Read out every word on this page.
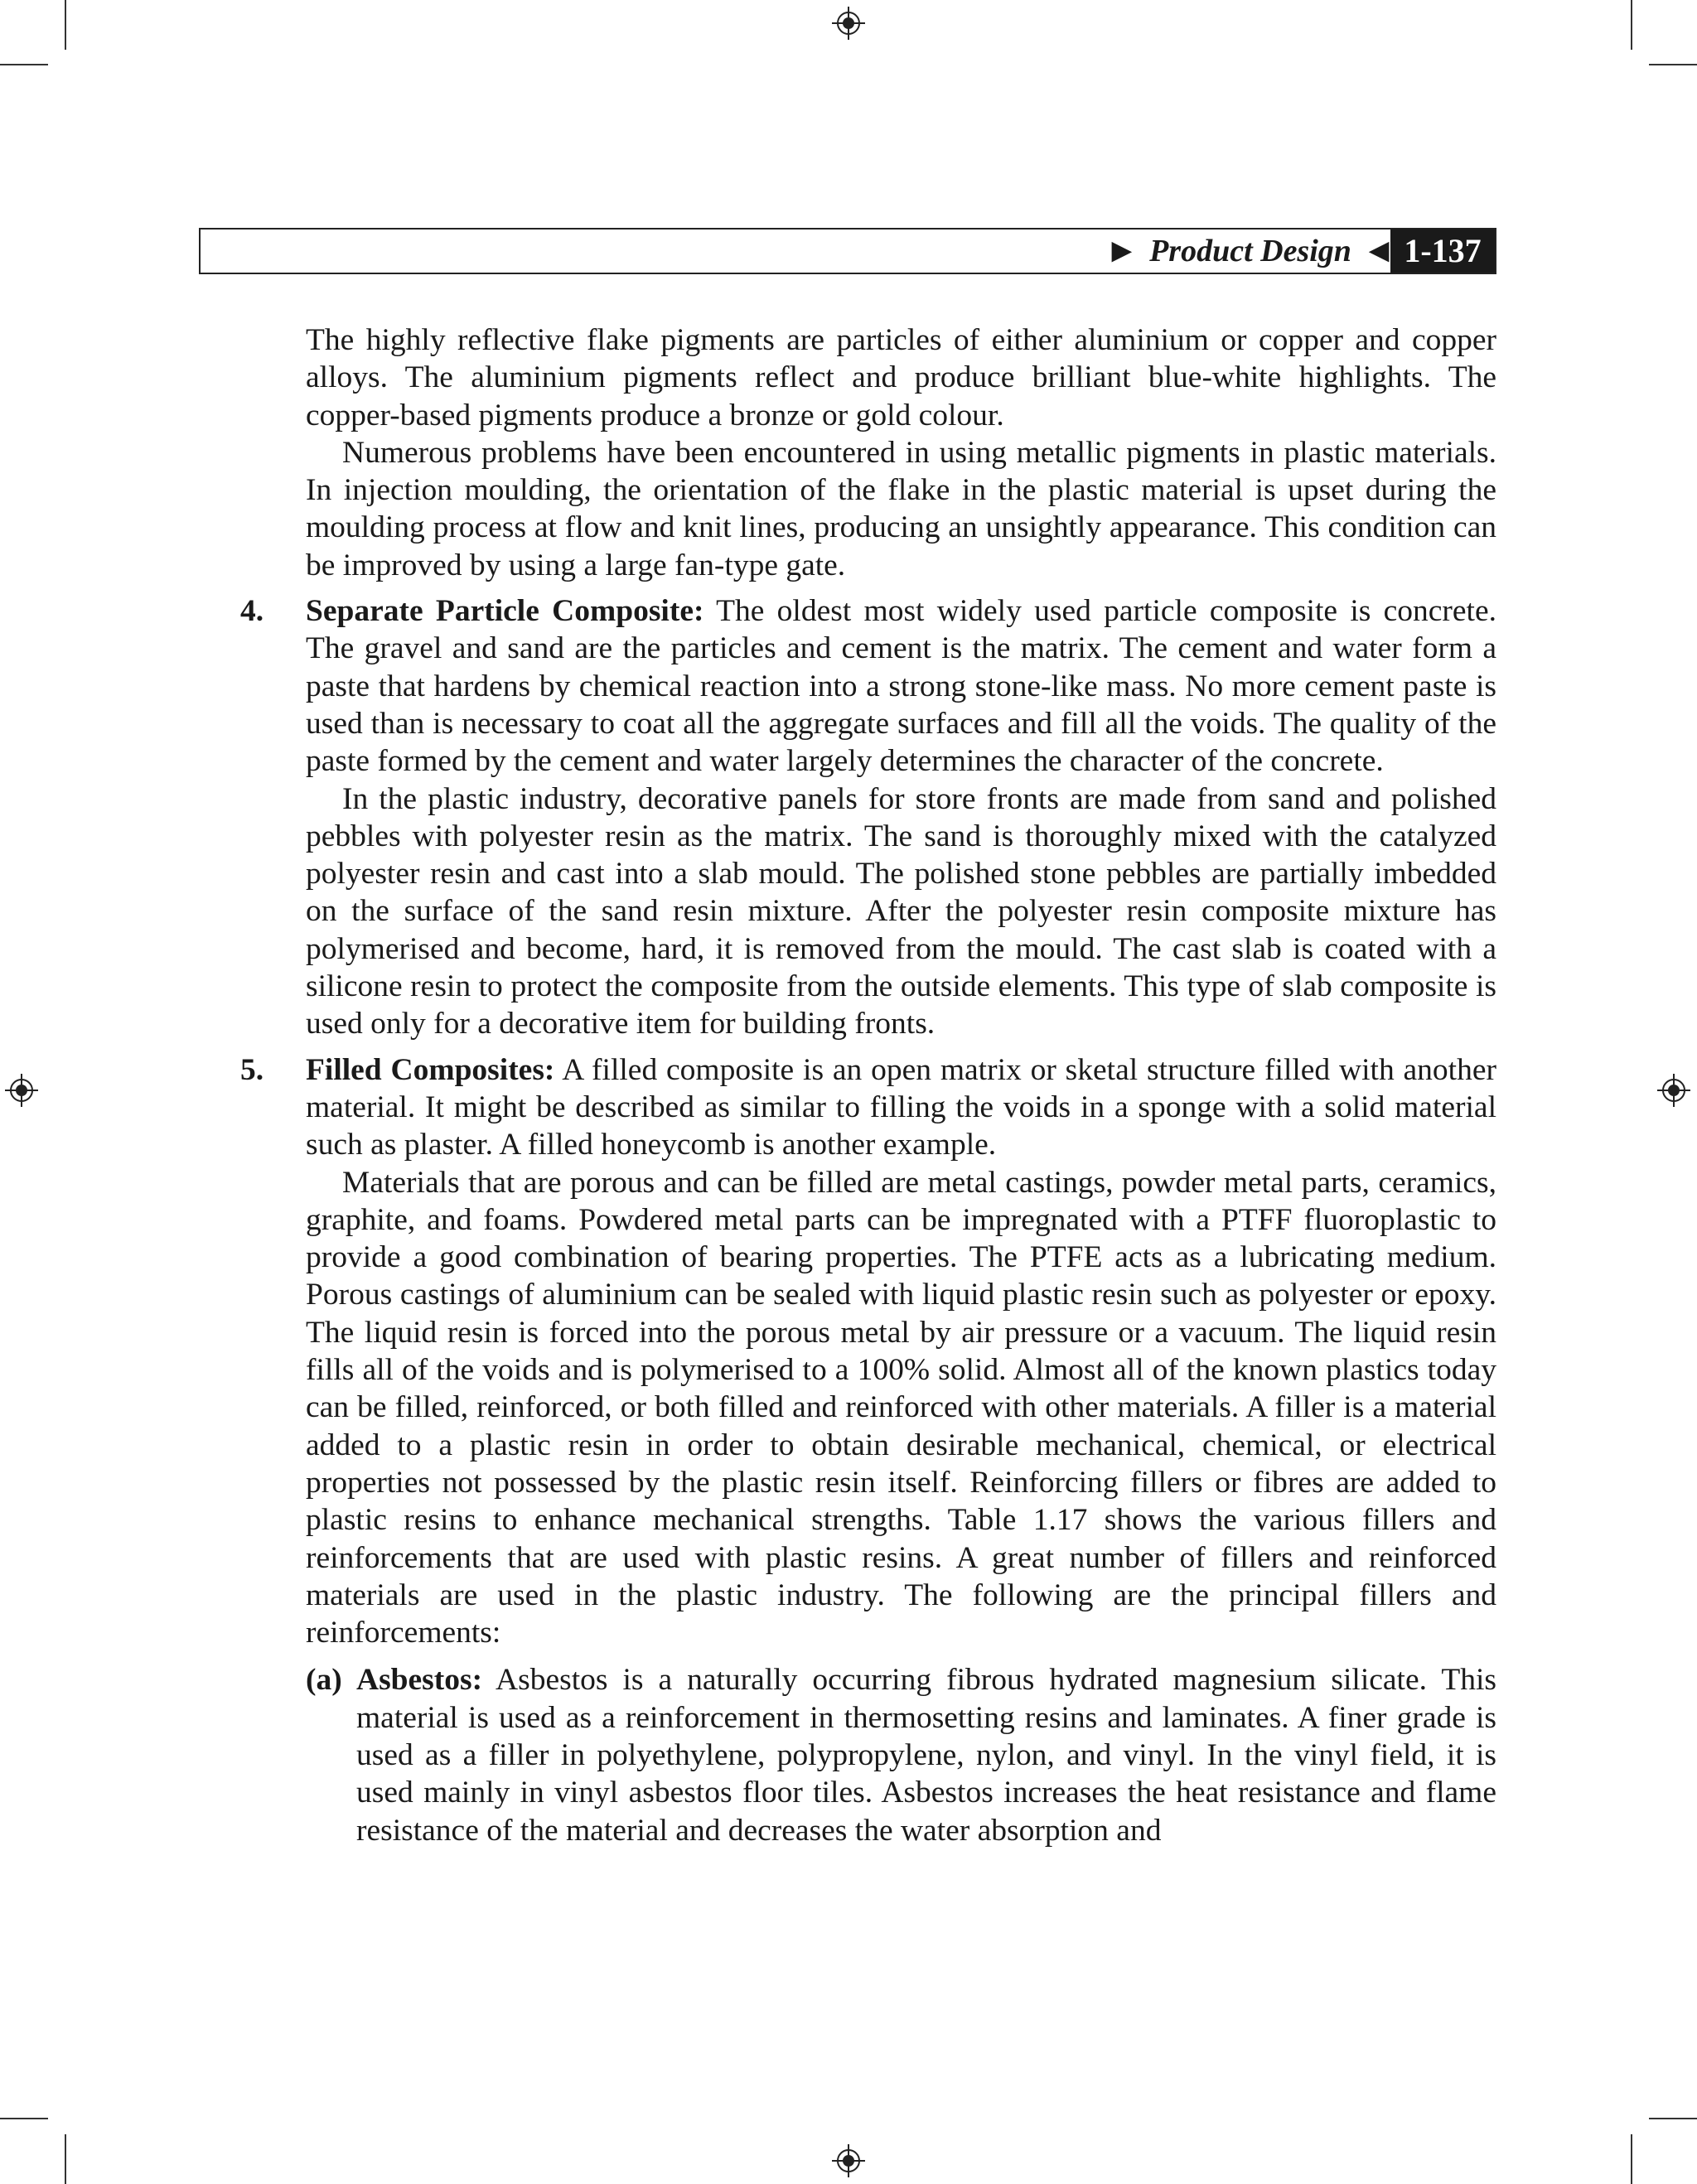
▶ Product Design ◀ 1-137

The highly reflective flake pigments are particles of either aluminium or copper and copper alloys. The aluminium pigments reflect and produce brilliant blue-white highlights. The copper-based pigments produce a bronze or gold colour.

Numerous problems have been encountered in using metallic pigments in plastic materials. In injection moulding, the orientation of the flake in the plastic material is upset during the moulding process at flow and knit lines, producing an unsightly appearance. This condition can be improved by using a large fan-type gate.

4. Separate Particle Composite: The oldest most widely used particle composite is concrete. The gravel and sand are the particles and cement is the matrix. The cement and water form a paste that hardens by chemical reaction into a strong stone-like mass. No more cement paste is used than is necessary to coat all the aggregate surfaces and fill all the voids. The quality of the paste formed by the cement and water largely determines the character of the concrete.

In the plastic industry, decorative panels for store fronts are made from sand and polished pebbles with polyester resin as the matrix. The sand is thoroughly mixed with the catalyzed polyester resin and cast into a slab mould. The polished stone pebbles are partially imbedded on the surface of the sand resin mixture. After the polyester resin composite mixture has polymerised and become, hard, it is removed from the mould. The cast slab is coated with a silicone resin to protect the composite from the outside elements. This type of slab composite is used only for a decorative item for building fronts.

5. Filled Composites: A filled composite is an open matrix or sketal structure filled with another material. It might be described as similar to filling the voids in a sponge with a solid material such as plaster. A filled honeycomb is another example.

Materials that are porous and can be filled are metal castings, powder metal parts, ceramics, graphite, and foams. Powdered metal parts can be impregnated with a PTFF fluoroplastic to provide a good combination of bearing properties. The PTFE acts as a lubricating medium. Porous castings of aluminium can be sealed with liquid plastic resin such as polyester or epoxy. The liquid resin is forced into the porous metal by air pressure or a vacuum. The liquid resin fills all of the voids and is polymerised to a 100% solid. Almost all of the known plastics today can be filled, reinforced, or both filled and reinforced with other materials. A filler is a material added to a plastic resin in order to obtain desirable mechanical, chemical, or electrical properties not possessed by the plastic resin itself. Reinforcing fillers or fibres are added to plastic resins to enhance mechanical strengths. Table 1.17 shows the various fillers and reinforcements that are used with plastic resins. A great number of fillers and reinforced materials are used in the plastic industry. The following are the principal fillers and reinforcements:

(a) Asbestos: Asbestos is a naturally occurring fibrous hydrated magnesium silicate. This material is used as a reinforcement in thermosetting resins and laminates. A finer grade is used as a filler in polyethylene, polypropylene, nylon, and vinyl. In the vinyl field, it is used mainly in vinyl asbestos floor tiles. Asbestos increases the heat resistance and flame resistance of the material and decreases the water absorption and
